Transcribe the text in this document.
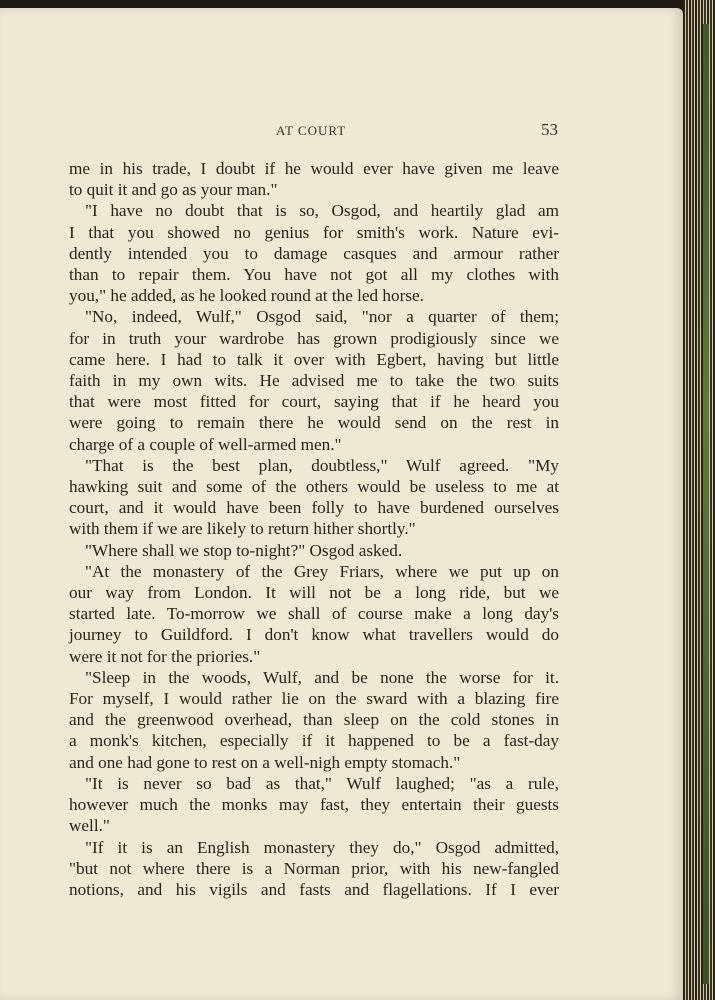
AT COURT	53
me in his trade, I doubt if he would ever have given me leave
to quit it and go as your man."
"I have no doubt that is so, Osgod, and heartily glad am
I that you showed no genius for smith's work. Nature evi-
dently intended you to damage casques and armour rather
than to repair them. You have not got all my clothes with
you," he added, as he looked round at the led horse.
"No, indeed, Wulf," Osgod said, "nor a quarter of them;
for in truth your wardrobe has grown prodigiously since we
came here. I had to talk it over with Egbert, having but little
faith in my own wits. He advised me to take the two suits
that were most fitted for court, saying that if he heard you
were going to remain there he would send on the rest in
charge of a couple of well-armed men."
"That is the best plan, doubtless," Wulf agreed. "My
hawking suit and some of the others would be useless to me at
court, and it would have been folly to have burdened ourselves
with them if we are likely to return hither shortly."
"Where shall we stop to-night?" Osgod asked.
"At the monastery of the Grey Friars, where we put up on
our way from London. It will not be a long ride, but we
started late. To-morrow we shall of course make a long day's
journey to Guildford. I don't know what travellers would do
were it not for the priories."
"Sleep in the woods, Wulf, and be none the worse for it.
For myself, I would rather lie on the sward with a blazing fire
and the greenwood overhead, than sleep on the cold stones in
a monk's kitchen, especially if it happened to be a fast-day
and one had gone to rest on a well-nigh empty stomach."
"It is never so bad as that," Wulf laughed; "as a rule,
however much the monks may fast, they entertain their guests
well."
"If it is an English monastery they do," Osgod admitted,
"but not where there is a Norman prior, with his new-fangled
notions, and his vigils and fasts and flagellations. If I ever
